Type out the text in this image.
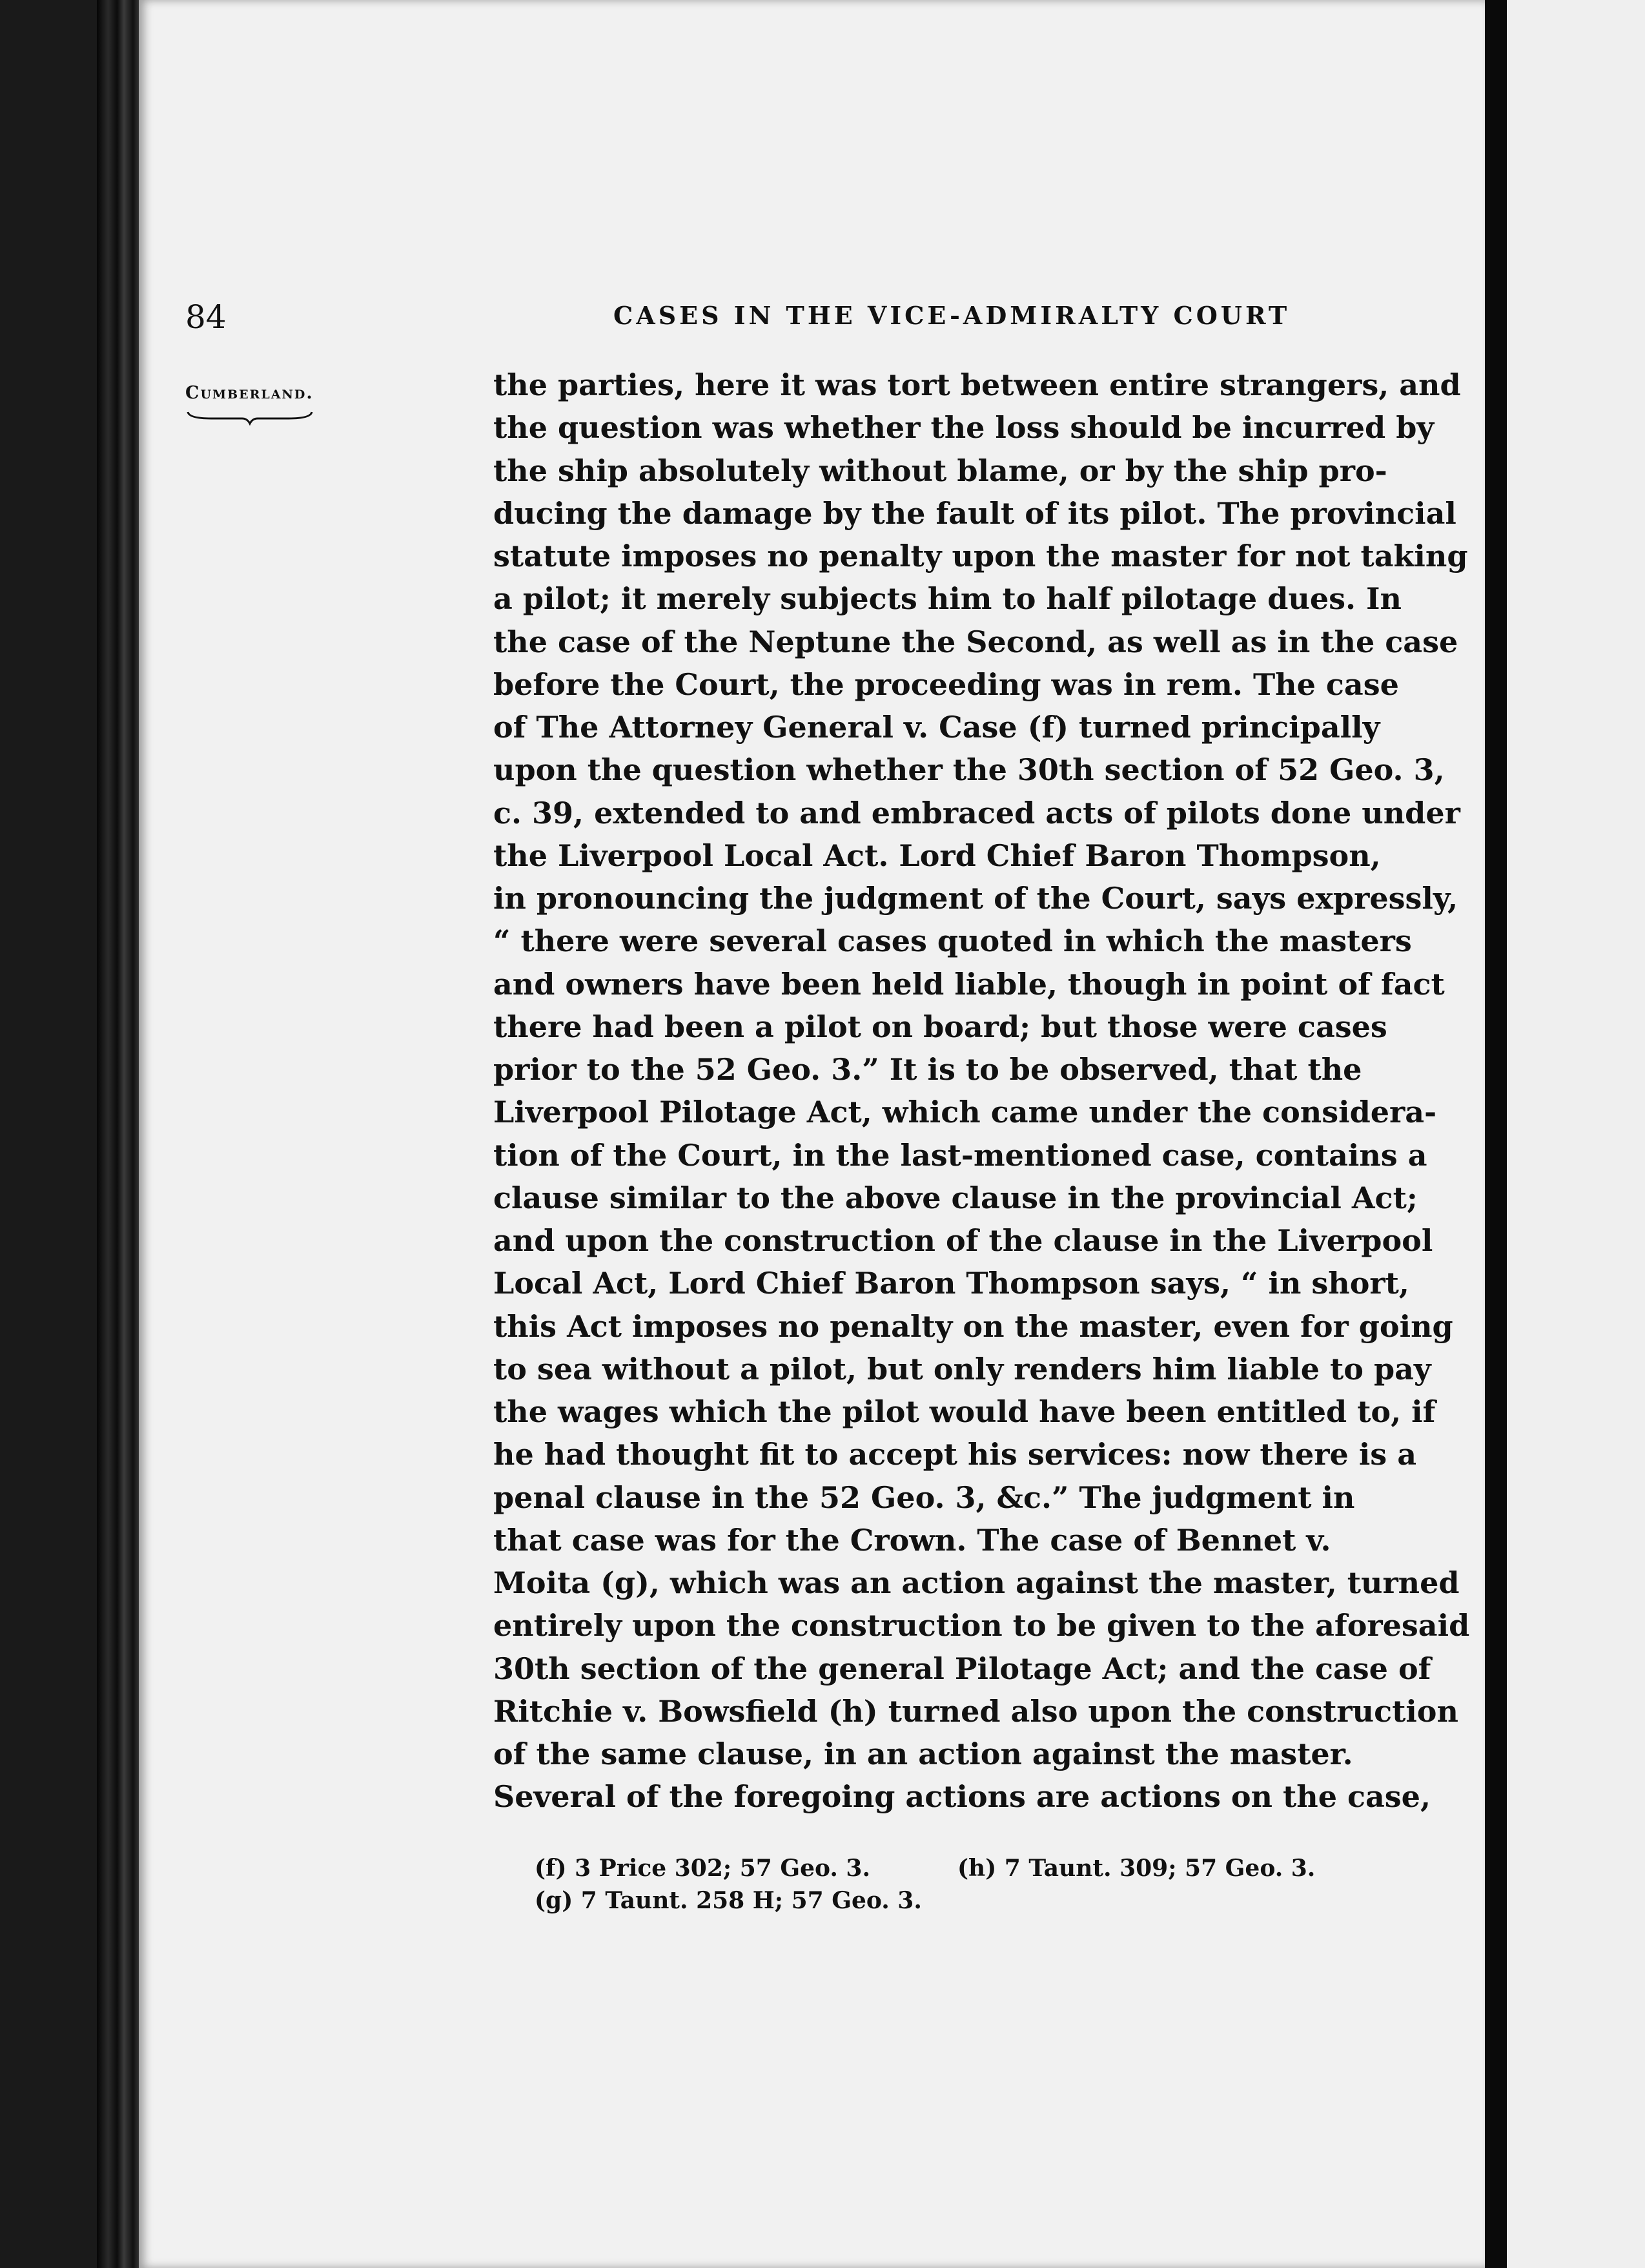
84	CASES IN THE VICE-ADMIRALTY COURT
Cumberland.	the parties, here it was tort between entire strangers, and
the question was whether the loss should be incurred by
the ship absolutely without blame, or by the ship pro-
ducing the damage by the fault of its pilot. The provincial
statute imposes no penalty upon the master for not taking
a pilot; it merely subjects him to half pilotage dues. In
the case of the Neptune the Second, as well as in the case
before the Court, the proceeding was in rem. The case
of The Attorney General v. Case (f) turned principally
upon the question whether the 30th section of 52 Geo. 3,
c. 39, extended to and embraced acts of pilots done under
the Liverpool Local Act. Lord Chief Baron Thompson,
in pronouncing the judgment of the Court, says expressly,
“ there were several cases quoted in which the masters
and owners have been held liable, though in point of fact
there had been a pilot on board; but those were cases
prior to the 52 Geo. 3.” It is to be observed, that the
Liverpool Pilotage Act, which came under the considera-
tion of the Court, in the last-mentioned case, contains a
clause similar to the above clause in the provincial Act;
and upon the construction of the clause in the Liverpool
Local Act, Lord Chief Baron Thompson says, “ in short,
this Act imposes no penalty on the master, even for going
to sea without a pilot, but only renders him liable to pay
the wages which the pilot would have been entitled to, if
he had thought fit to accept his services: now there is a
penal clause in the 52 Geo. 3, &c.” The judgment in
that case was for the Crown. The case of Bennet v.
Moita (g), which was an action against the master, turned
entirely upon the construction to be given to the aforesaid
30th section of the general Pilotage Act; and the case of
Ritchie v. Bowsfield (h) turned also upon the construction
of the same clause, in an action against the master.
Several of the foregoing actions are actions on the case,
(f) 3 Price 302; 57 Geo. 3.	(h) 7 Taunt. 309; 57 Geo. 3.
(g) 7 Taunt. 258 H; 57 Geo. 3.
